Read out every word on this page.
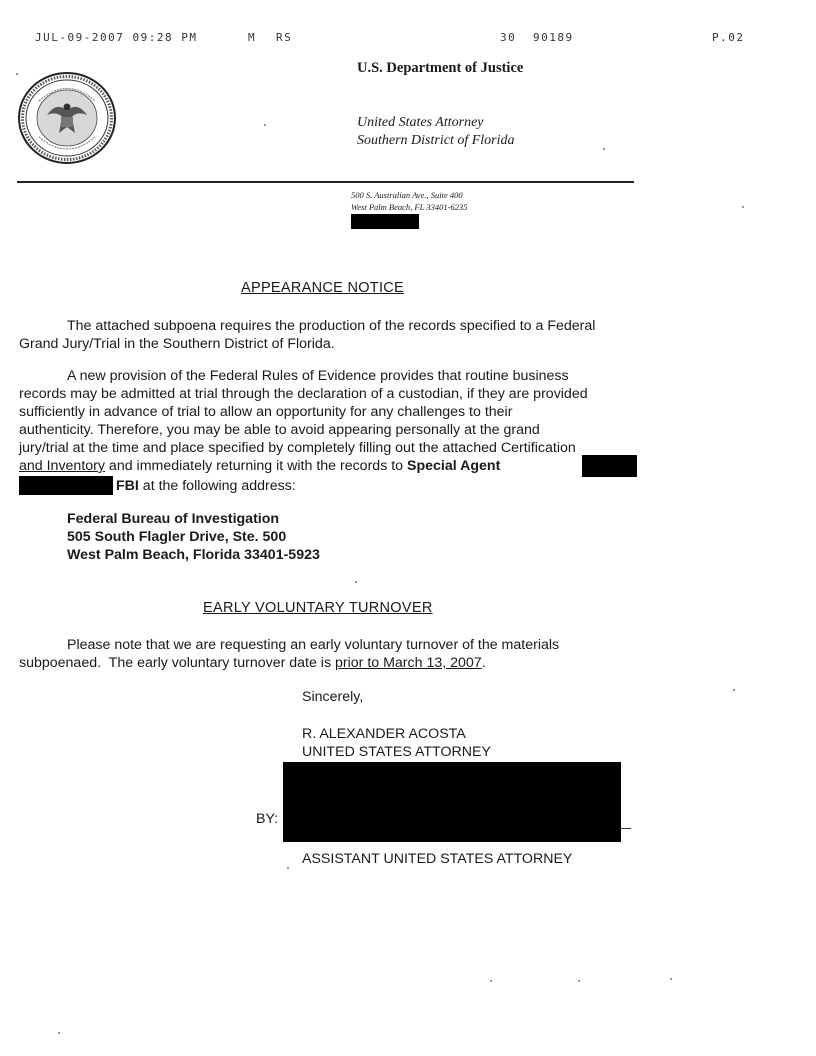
JUL-09-2007 09:28 PM	M RS	30 90189	P.02
U.S. Department of Justice
United States Attorney
Southern District of Florida
500 S. Australian Ave., Suite 400
West Palm Beach, FL 33401-6235
APPEARANCE NOTICE
The attached subpoena requires the production of the records specified to a Federal
Grand Jury/Trial in the Southern District of Florida.
A new provision of the Federal Rules of Evidence provides that routine business
records may be admitted at trial through the declaration of a custodian, if they are provided
sufficiently in advance of trial to allow an opportunity for any challenges to their
authenticity. Therefore, you may be able to avoid appearing personally at the grand
jury/trial at the time and place specified by completely filling out the attached Certification
and Inventory and immediately returning it with the records to Special Agent
FBI at the following address:
Federal Bureau of Investigation
505 South Flagler Drive, Ste. 500
West Palm Beach, Florida 33401-5923
EARLY VOLUNTARY TURNOVER
Please note that we are requesting an early voluntary turnover of the materials
subpoenaed.  The early voluntary turnover date is prior to March 13, 2007.
Sincerely,
R. ALEXANDER ACOSTA
UNITED STATES ATTORNEY
BY:
ASSISTANT UNITED STATES ATTORNEY
